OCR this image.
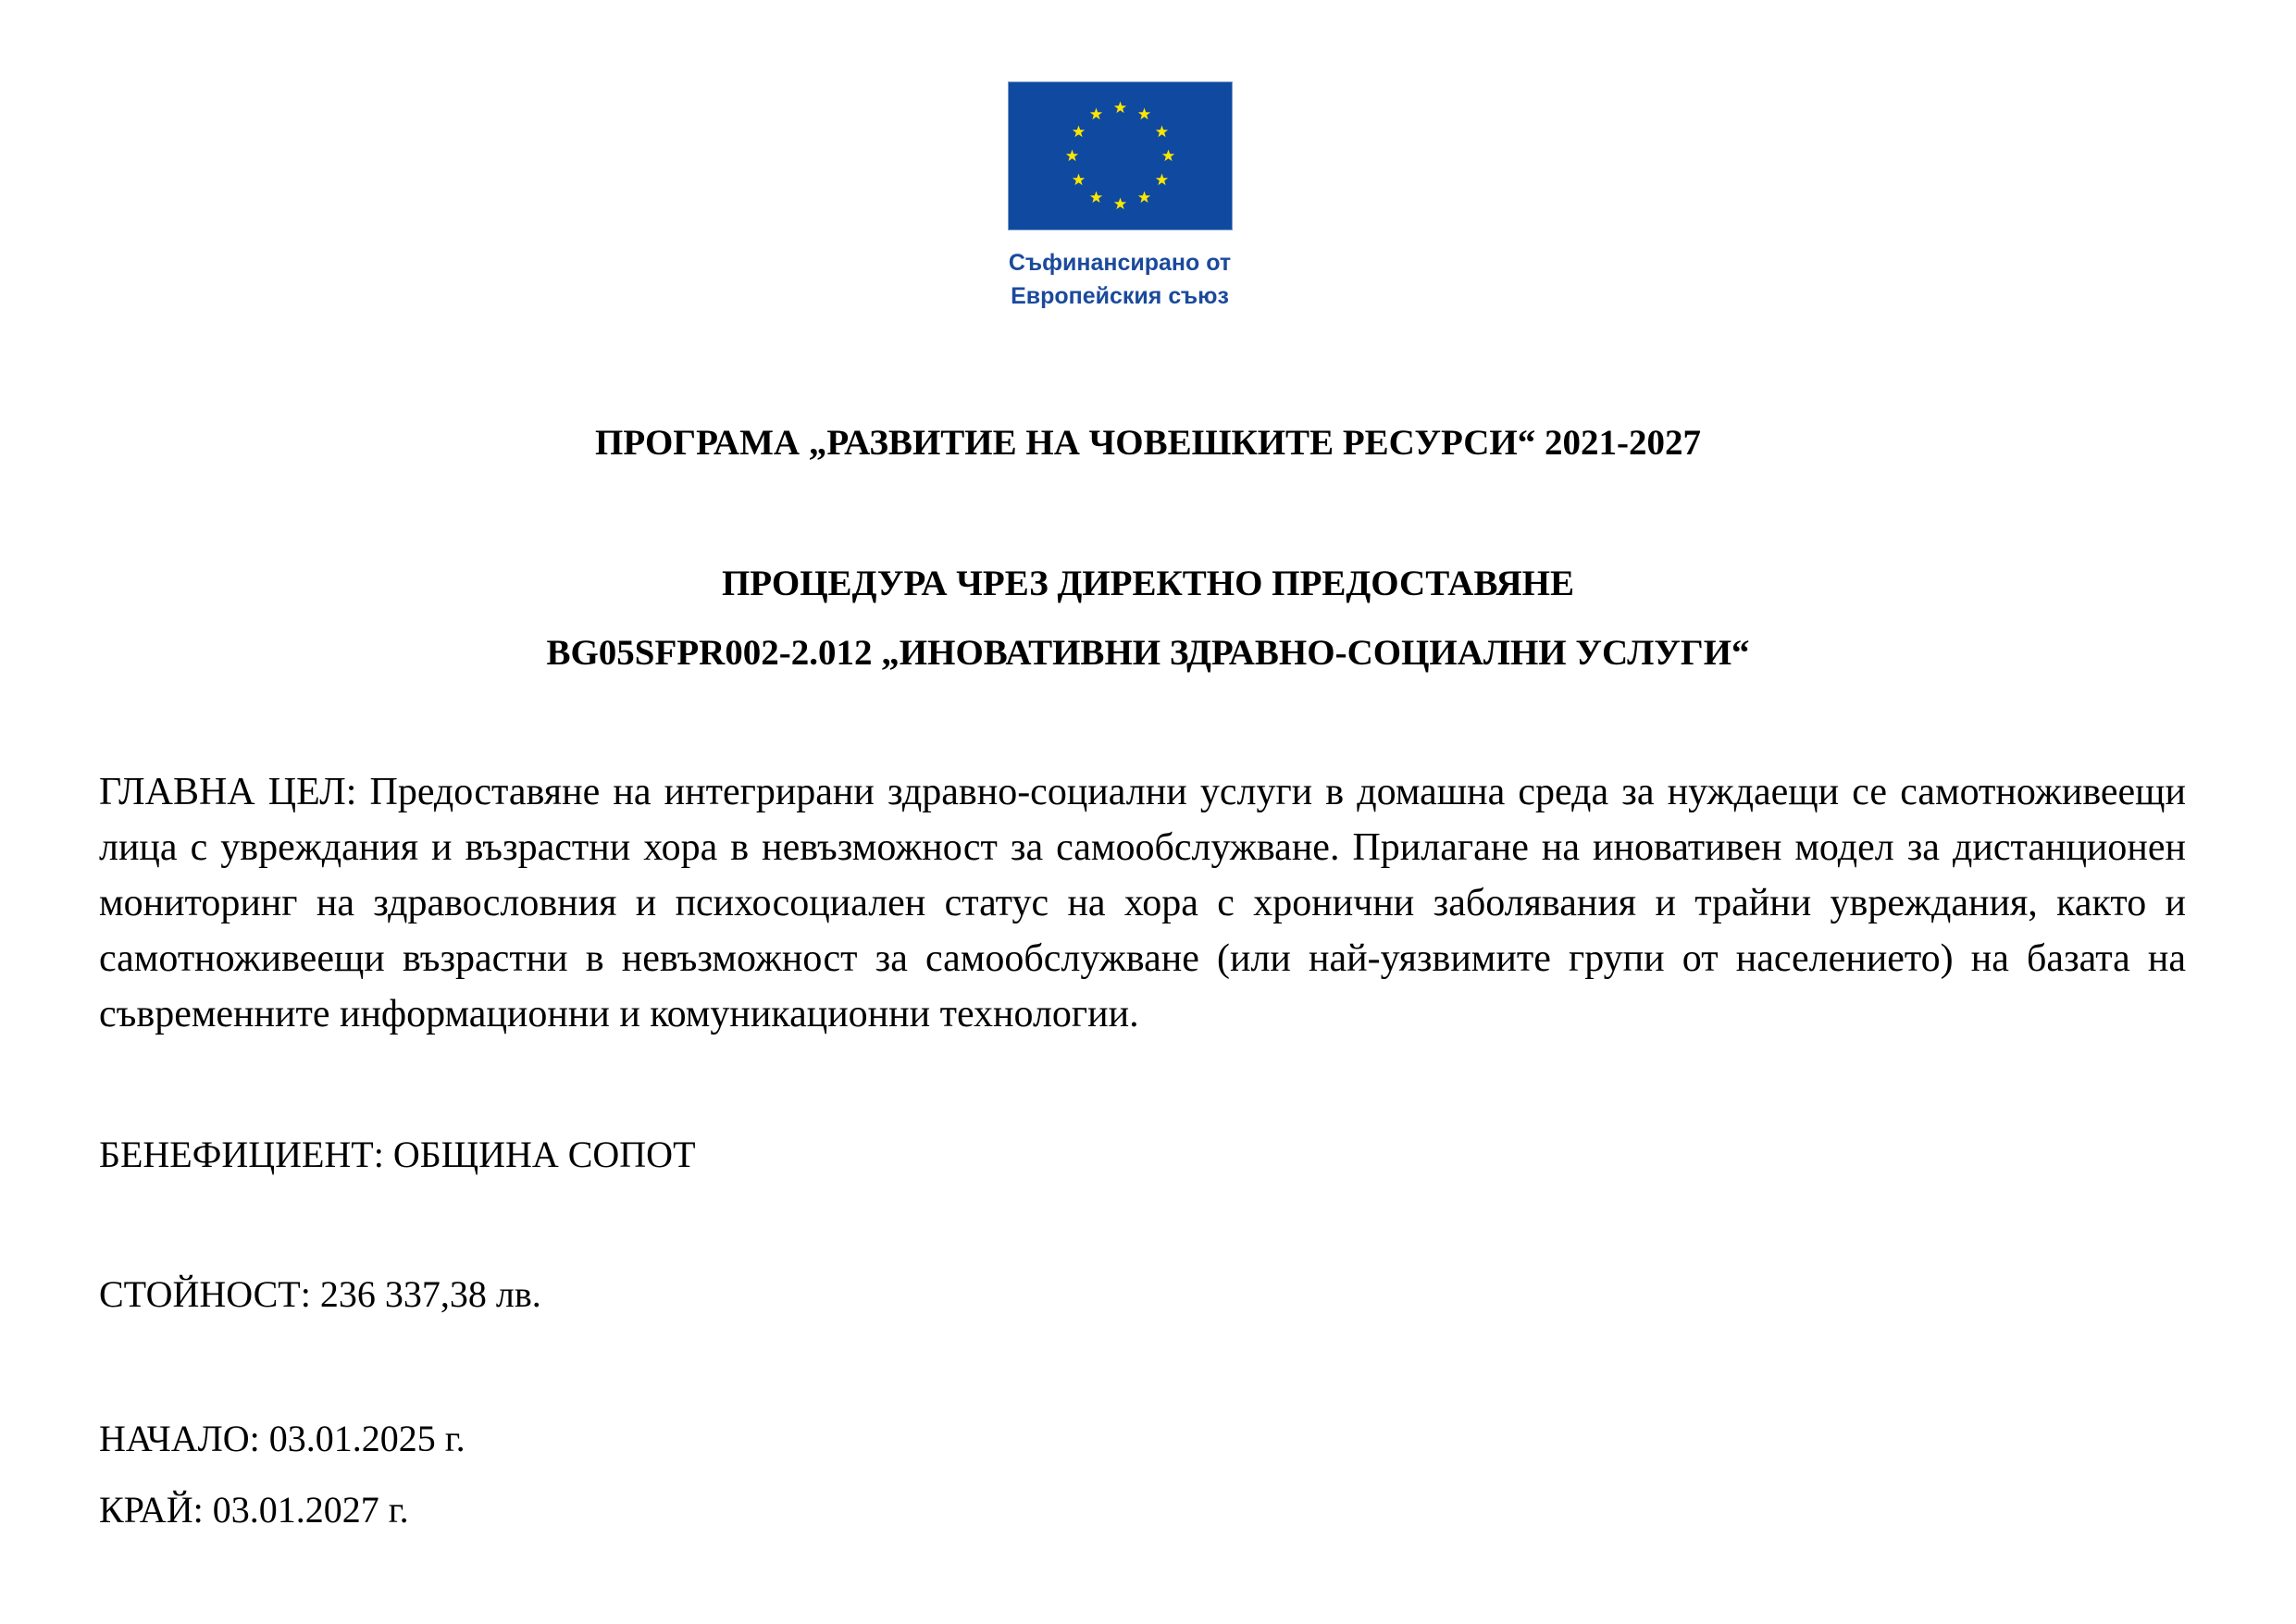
Съфинансирано от
Европейския съюз
ПРОГРАМА „РАЗВИТИЕ НА ЧОВЕШКИТЕ РЕСУРСИ“ 2021-2027
ПРОЦЕДУРА ЧРЕЗ ДИРЕКТНО ПРЕДОСТАВЯНЕ
BG05SFPR002-2.012 „ИНОВАТИВНИ ЗДРАВНО-СОЦИАЛНИ УСЛУГИ“
ГЛАВНА ЦЕЛ: Предоставяне на интегрирани здравно-социални услуги в домашна среда за нуждаещи се самотноживеещи лица с увреждания и възрастни хора в невъзможност за самообслужване. Прилагане на иновативен модел за дистанционен мониторинг на здравословния и психосоциален статус на хора с хронични заболявания и трайни увреждания, както и самотноживеещи възрастни в невъзможност за самообслужване (или най-уязвимите групи от населението) на базата на съвременните информационни и комуникационни технологии.
БЕНЕФИЦИЕНТ: ОБЩИНА СОПОТ
СТОЙНОСТ: 236 337,38 лв.
НАЧАЛО: 03.01.2025 г.
КРАЙ: 03.01.2027 г.
